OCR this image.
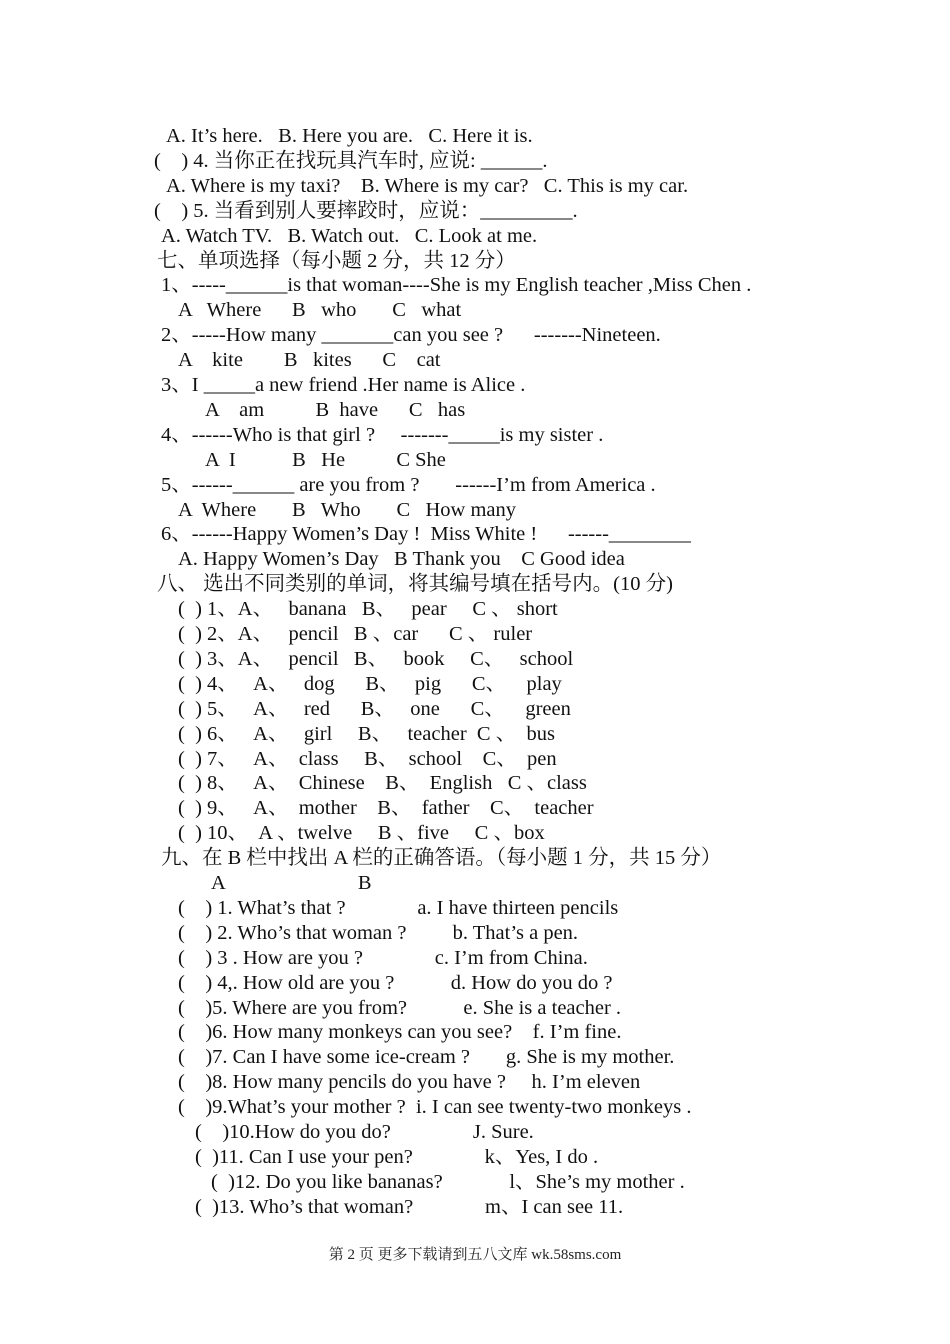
A. It’s here.   B. Here you are.   C. Here it is.
(    ) 4. 当你正在找玩具汽车时, 应说: ______.
A. Where is my taxi?    B. Where is my car?   C. This is my car.
(    ) 5. 当看到别人要摔跤时，应说：_________.
A. Watch TV.   B. Watch out.   C. Look at me.
七、单项选择（每小题 2 分，共 12 分）
1、-----______is that woman----She is my English teacher ,Miss Chen .
A   Where      B   who       C   what
2、-----How many _______can you see ?      -------Nineteen.
A    kite        B   kites      C    cat
3、I _____a new friend .Her name is Alice .
A    am          B  have      C   has
4、------Who is that girl ?     -------_____is my sister .
A  I           B   He          C She
5、------______ are you from ?       ------I’m from America .
A  Where       B   Who       C   How many
6、------Happy Women’s Day !  Miss White !      ------________
A. Happy Women’s Day   B Thank you    C Good idea
八、 选出不同类别的单词，将其编号填在括号内。(10 分)
(  ) 1、A、   banana   B、   pear     C 、 short
(  ) 2、A、   pencil   B 、car      C 、 ruler
(  ) 3、A、   pencil   B、   book     C、   school
(  ) 4、   A、   dog      B、   pig      C、    play
(  ) 5、   A、   red      B、   one      C、    green
(  ) 6、   A、   girl     B、   teacher  C 、  bus
(  ) 7、   A、  class     B、  school    C、  pen
(  ) 8、   A、  Chinese    B、  English   C 、class
(  ) 9、   A、  mother    B、  father    C、  teacher
(  ) 10、  A 、twelve     B 、five     C 、box
九、在 B 栏中找出 A 栏的正确答语。（每小题 1 分，共 15 分）
A                          B
(    ) 1. What’s that ?              a. I have thirteen pencils
(    ) 2. Who’s that woman ?         b. That’s a pen.
(    ) 3 . How are you ?              c. I’m from China.
(    ) 4,. How old are you ?           d. How do you do ?
(    )5. Where are you from?           e. She is a teacher .
(    )6. How many monkeys can you see?    f. I’m fine.
(    )7. Can I have some ice-cream ?       g. She is my mother.
(    )8. How many pencils do you have ?     h. I’m eleven
(    )9.What’s your mother ?  i. I can see twenty-two monkeys .
(    )10.How do you do?                J. Sure.
(  )11. Can I use your pen?              k、Yes, I do .
(  )12. Do you like bananas?             l、She’s my mother .
(  )13. Who’s that woman?              m、I can see 11.
第 2 页 更多下载请到五八文库 wk.58sms.com
